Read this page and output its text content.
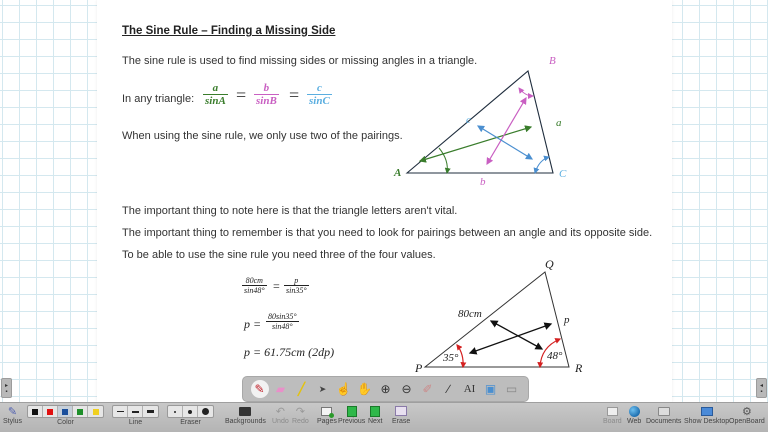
The Sine Rule – Finding a Missing Side
The sine rule is used to find missing sides or missing angles in a triangle.
In any triangle:
a
sinA = b
sinB = c
sinC
When using the sine rule, we only use two of the pairings.
A
B
C
a
b
c
The important thing to note here is that the triangle letters aren't vital.
The important thing to remember is that you need to look for pairings between an angle and its opposite side.
To be able to use the sine rule you need three of the four values.
80cm
sin48° = p
sin35°
p =
80sin35°
sin48°
p = 61.75cm (2dp)
P
Q
R
80cm	p
35°	48°
▸
▪
◂
▪
✎ ▰	╱	➤ ☝ ✋ ⊕ ⊖ ✐	∕	AI ▣ ▭
✎
Stylus	Color	Line	Eraser	Backgrounds
↶
Undo
↷
Redo Pages Previous Next Erase	Board Web Documents Show Desktop
⚙
OpenBoard
